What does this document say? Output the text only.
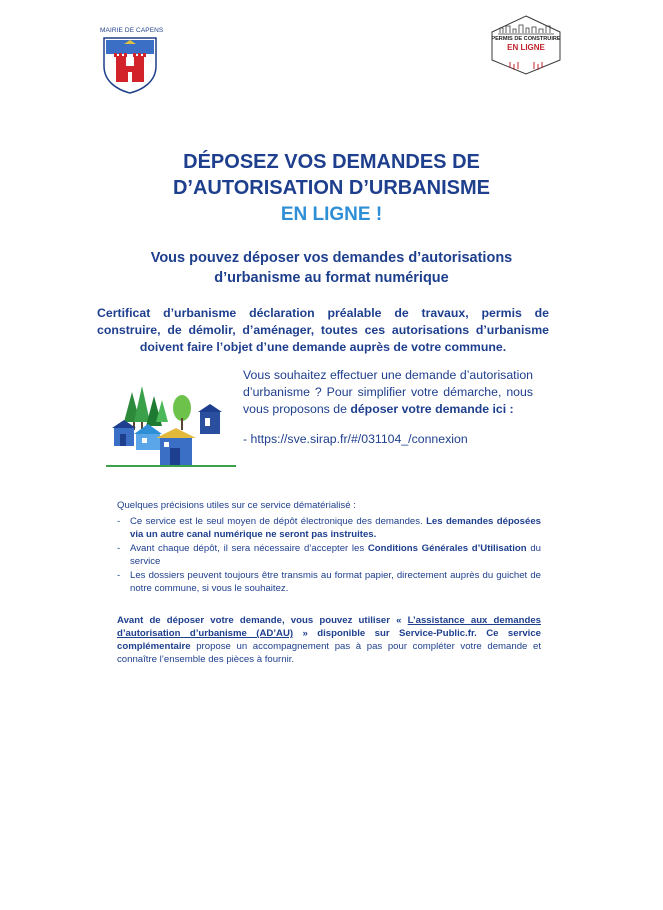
MAIRIE DE CAPENS
PERMIS DE CONSTRUIRE
EN LIGNE
DÉPOSEZ VOS DEMANDES DE
D’AUTORISATION D’URBANISME
EN LIGNE !
Vous pouvez déposer vos demandes d’autorisations
d’urbanisme au format numérique
Certificat d’urbanisme déclaration préalable de travaux, permis de construire, de démolir, d’aménager, toutes ces autorisations d’urbanisme doivent faire l’objet d’une demande auprès de votre commune.
Vous souhaitez effectuer une demande d’autorisation d’urbanisme ? Pour simplifier votre démarche, nous vous proposons de déposer votre demande ici :
- https://sve.sirap.fr/#/031104_/connexion
Quelques précisions utiles sur ce service dématérialisé :
- Ce service est le seul moyen de dépôt électronique des demandes. Les demandes déposées via un autre canal numérique ne seront pas instruites.
- Avant chaque dépôt, il sera nécessaire d’accepter les Conditions Générales d’Utilisation du service
- Les dossiers peuvent toujours être transmis au format papier, directement auprès du guichet de notre commune, si vous le souhaitez.
Avant de déposer votre demande, vous pouvez utiliser « L’assistance aux demandes d’autorisation d’urbanisme (AD’AU) » disponible sur Service-Public.fr. Ce service complémentaire propose un accompagnement pas à pas pour compléter votre demande et connaître l’ensemble des pièces à fournir.
